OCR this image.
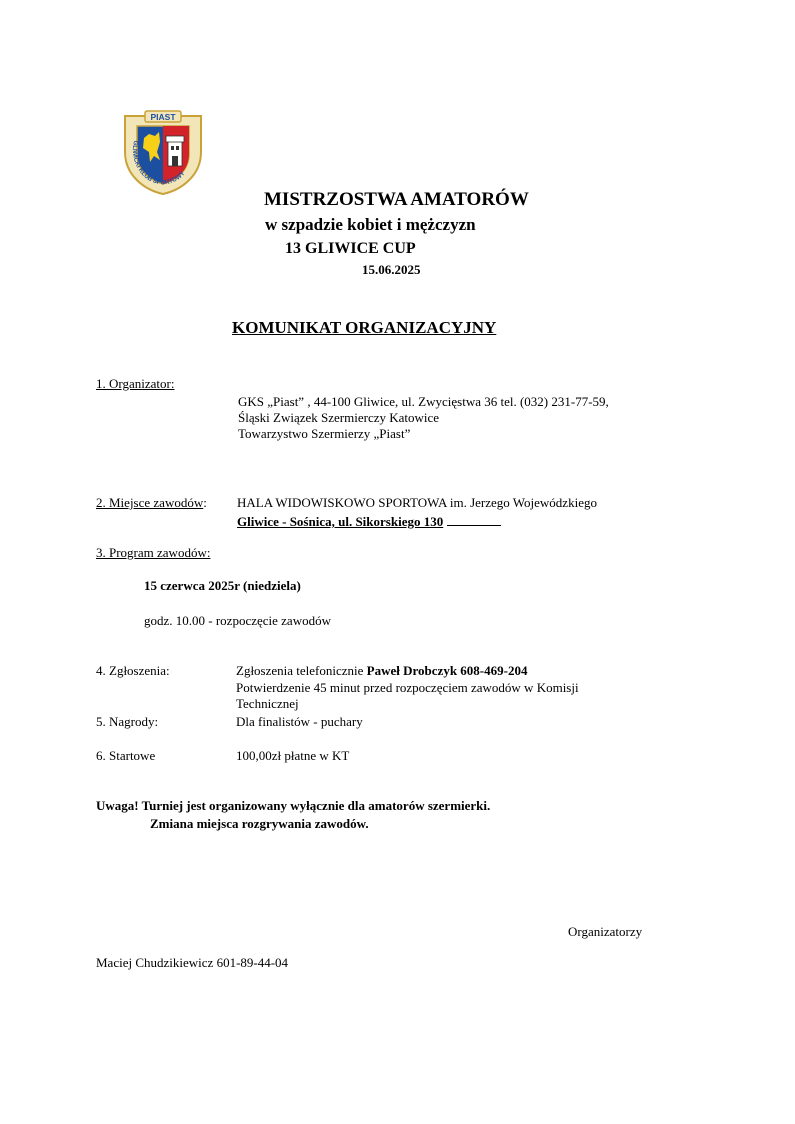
PIAST
GLIWICKI KLUB SPORTOWY
MISTRZOSTWA AMATORÓW
w szpadzie kobiet i mężczyzn
13 GLIWICE CUP
15.06.2025
KOMUNIKAT ORGANIZACYJNY
1. Organizator:
GKS „Piast” , 44-100 Gliwice, ul. Zwycięstwa 36 tel. (032) 231-77-59,
Śląski Związek Szermierczy Katowice
Towarzystwo Szermierzy „Piast”
2. Miejsce zawodów: HALA WIDOWISKOWO SPORTOWA im. Jerzego Wojewódzkiego
Gliwice - Sośnica, ul. Sikorskiego 130
3. Program zawodów:
15 czerwca 2025r (niedziela)
godz. 10.00 - rozpoczęcie zawodów
4. Zgłoszenia:	Zgłoszenia telefonicznie Paweł Drobczyk 608-469-204
Potwierdzenie 45 minut przed rozpoczęciem zawodów w Komisji
Technicznej
5. Nagrody:	Dla finalistów - puchary
6. Startowe	100,00zł płatne w KT
Uwaga! Turniej jest organizowany wyłącznie dla amatorów szermierki.
Zmiana miejsca rozgrywania zawodów.
Organizatorzy
Maciej Chudzikiewicz 601-89-44-04
